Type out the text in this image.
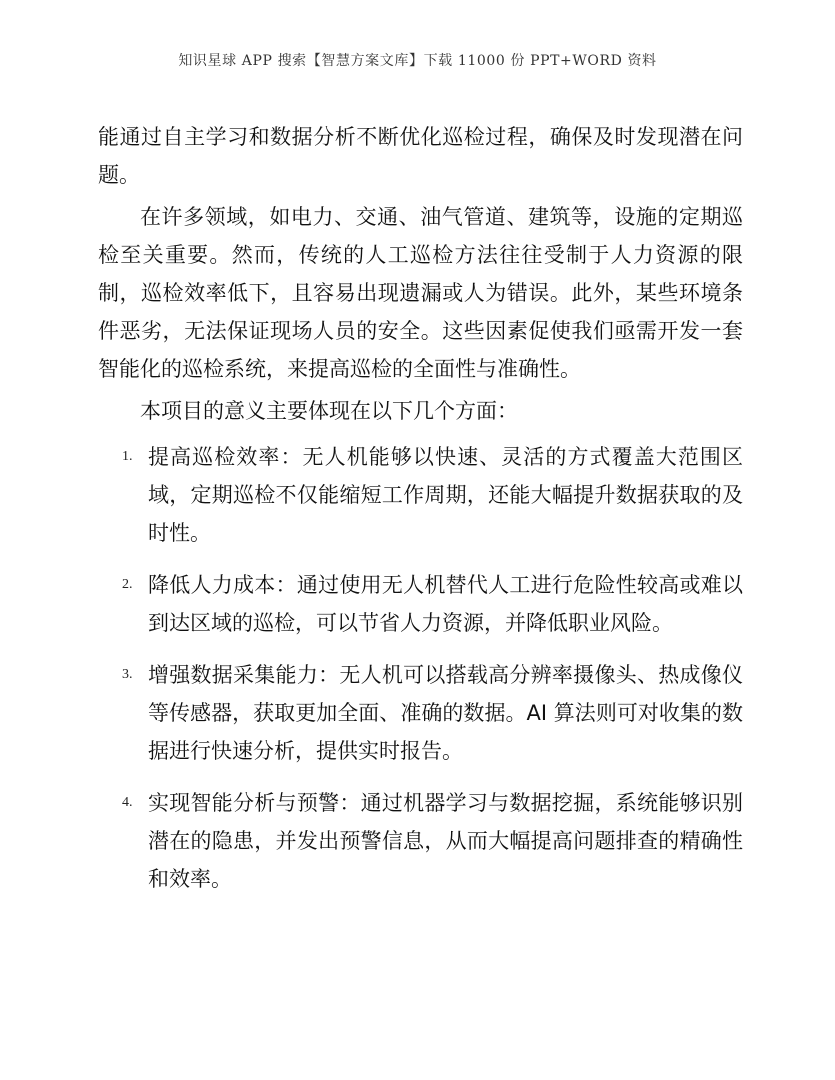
知识星球 APP 搜索【智慧方案文库】下载 11000 份 PPT+WORD 资料

能通过自主学习和数据分析不断优化巡检过程，确保及时发现潜在问题。

在许多领域，如电力、交通、油气管道、建筑等，设施的定期巡检至关重要。然而，传统的人工巡检方法往往受制于人力资源的限制，巡检效率低下，且容易出现遗漏或人为错误。此外，某些环境条件恶劣，无法保证现场人员的安全。这些因素促使我们亟需开发一套智能化的巡检系统，来提高巡检的全面性与准确性。

本项目的意义主要体现在以下几个方面：

1. 提高巡检效率：无人机能够以快速、灵活的方式覆盖大范围区域，定期巡检不仅能缩短工作周期，还能大幅提升数据获取的及时性。
2. 降低人力成本：通过使用无人机替代人工进行危险性较高或难以到达区域的巡检，可以节省人力资源，并降低职业风险。
3. 增强数据采集能力：无人机可以搭载高分辨率摄像头、热成像仪等传感器，获取更加全面、准确的数据。AI 算法则可对收集的数据进行快速分析，提供实时报告。
4. 实现智能分析与预警：通过机器学习与数据挖掘，系统能够识别潜在的隐患，并发出预警信息，从而大幅提高问题排查的精确性和效率。
